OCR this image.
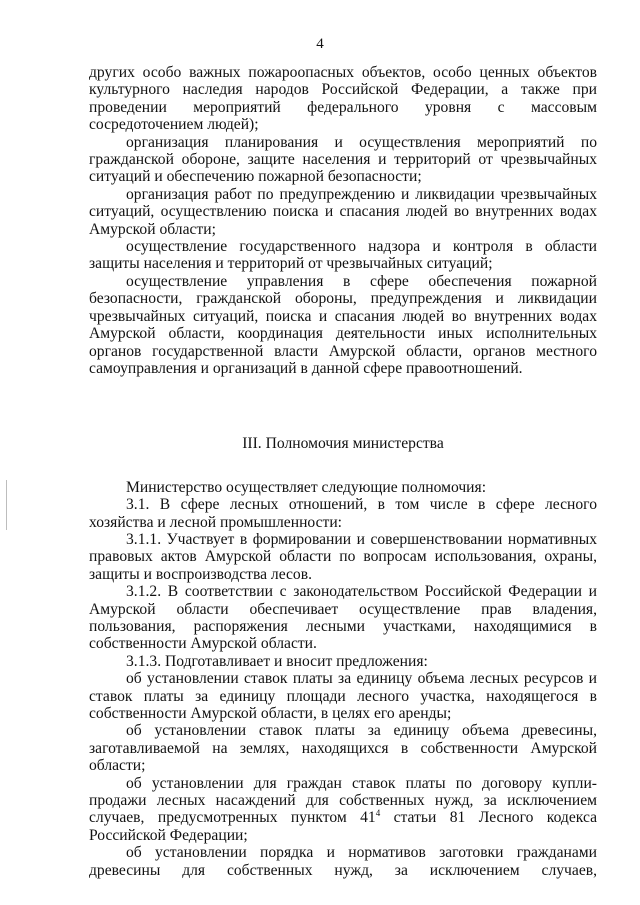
4

других особо важных пожароопасных объектов, особо ценных объектов культурного наследия народов Российской Федерации, а также при проведении мероприятий федерального уровня с массовым сосредоточением людей);

организация планирования и осуществления мероприятий по гражданской обороне, защите населения и территорий от чрезвычайных ситуаций и обеспечению пожарной безопасности;

организация работ по предупреждению и ликвидации чрезвычайных ситуаций, осуществлению поиска и спасания людей во внутренних водах Амурской области;

осуществление государственного надзора и контроля в области защиты населения и территорий от чрезвычайных ситуаций;

осуществление управления в сфере обеспечения пожарной безопасности, гражданской обороны, предупреждения и ликвидации чрезвычайных ситуаций, поиска и спасания людей во внутренних водах Амурской области, координация деятельности иных исполнительных органов государственной власти Амурской области, органов местного самоуправления и организаций в данной сфере правоотношений.

III. Полномочия министерства

Министерство осуществляет следующие полномочия:

3.1. В сфере лесных отношений, в том числе в сфере лесного хозяйства и лесной промышленности:

3.1.1. Участвует в формировании и совершенствовании нормативных правовых актов Амурской области по вопросам использования, охраны, защиты и воспроизводства лесов.

3.1.2. В соответствии с законодательством Российской Федерации и Амурской области обеспечивает осуществление прав владения, пользования, распоряжения лесными участками, находящимися в собственности Амурской области.

3.1.3. Подготавливает и вносит предложения:

об установлении ставок платы за единицу объема лесных ресурсов и ставок платы за единицу площади лесного участка, находящегося в собственности Амурской области, в целях его аренды;

об установлении ставок платы за единицу объема древесины, заготавливаемой на землях, находящихся в собственности Амурской области;

об установлении для граждан ставок платы по договору купли-продажи лесных насаждений для собственных нужд, за исключением случаев, предусмотренных пунктом $41^4$ статьи 81 Лесного кодекса Российской Федерации;

об установлении порядка и нормативов заготовки гражданами древесины для собственных нужд, за исключением случаев,
